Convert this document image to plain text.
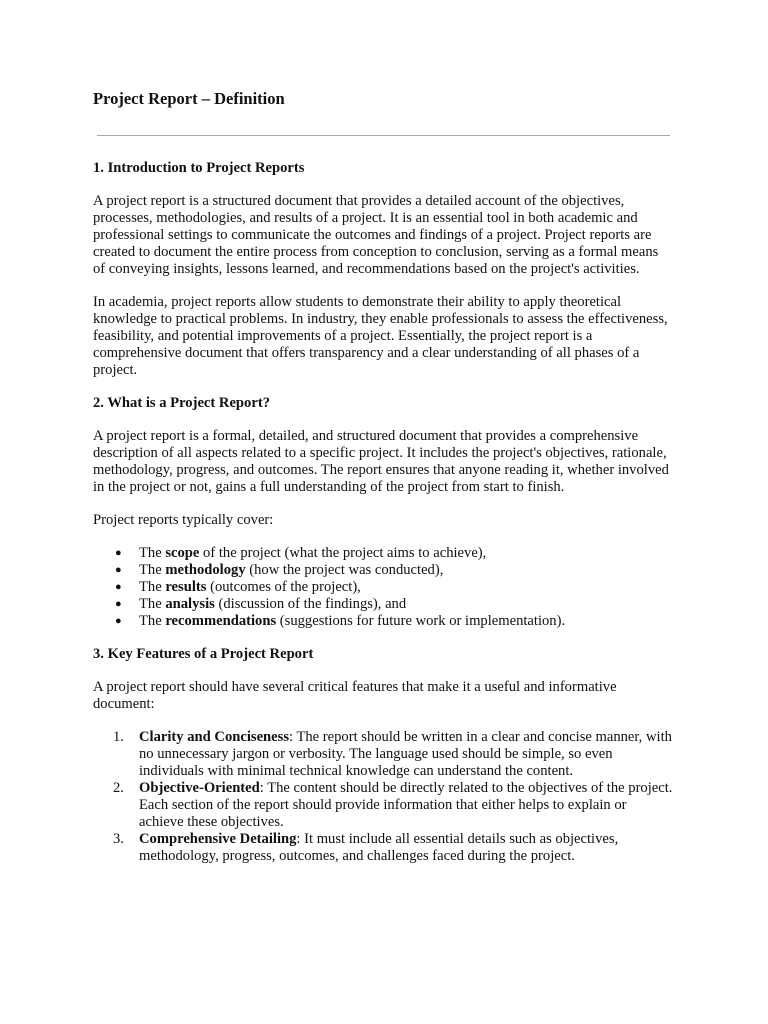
Project Report – Definition
1. Introduction to Project Reports

A project report is a structured document that provides a detailed account of the objectives, processes, methodologies, and results of a project. It is an essential tool in both academic and professional settings to communicate the outcomes and findings of a project. Project reports are created to document the entire process from conception to conclusion, serving as a formal means of conveying insights, lessons learned, and recommendations based on the project's activities.

In academia, project reports allow students to demonstrate their ability to apply theoretical knowledge to practical problems. In industry, they enable professionals to assess the effectiveness, feasibility, and potential improvements of a project. Essentially, the project report is a comprehensive document that offers transparency and a clear understanding of all phases of a project.

2. What is a Project Report?

A project report is a formal, detailed, and structured document that provides a comprehensive description of all aspects related to a specific project. It includes the project's objectives, rationale, methodology, progress, and outcomes. The report ensures that anyone reading it, whether involved in the project or not, gains a full understanding of the project from start to finish.

Project reports typically cover:

● The scope of the project (what the project aims to achieve),
● The methodology (how the project was conducted),
● The results (outcomes of the project),
● The analysis (discussion of the findings), and
● The recommendations (suggestions for future work or implementation).
3. Key Features of a Project Report

A project report should have several critical features that make it a useful and informative document:

1. Clarity and Conciseness: The report should be written in a clear and concise manner, with no unnecessary jargon or verbosity. The language used should be simple, so even individuals with minimal technical knowledge can understand the content.
2. Objective-Oriented: The content should be directly related to the objectives of the project. Each section of the report should provide information that either helps to explain or achieve these objectives.
3. Comprehensive Detailing: It must include all essential details such as objectives, methodology, progress, outcomes, and challenges faced during the project.
